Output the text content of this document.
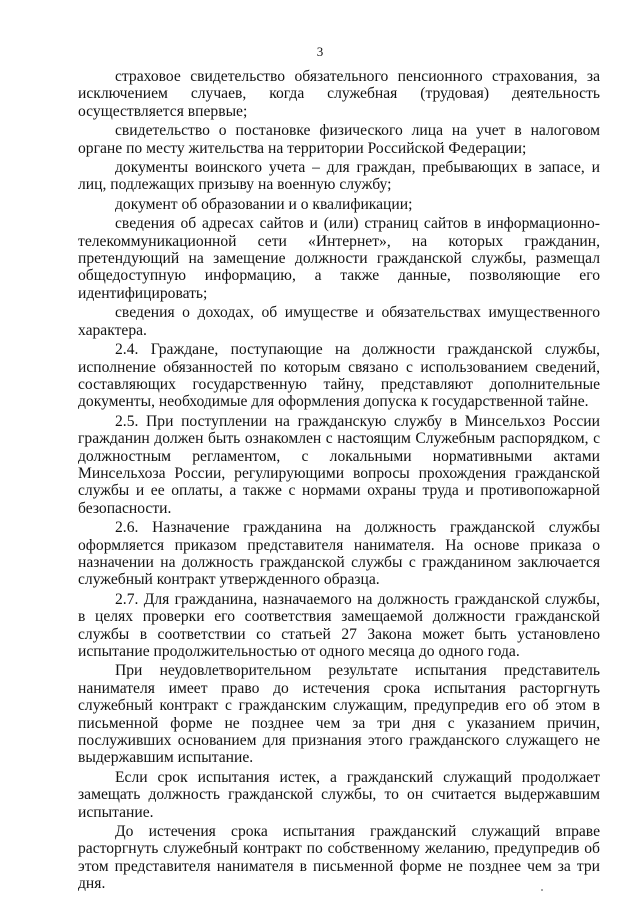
3

страховое свидетельство обязательного пенсионного страхования, за исключением случаев, когда служебная (трудовая) деятельность осуществляется впервые;

свидетельство о постановке физического лица на учет в налоговом органе по месту жительства на территории Российской Федерации;

документы воинского учета – для граждан, пребывающих в запасе, и лиц, подлежащих призыву на военную службу;

документ об образовании и о квалификации;

сведения об адресах сайтов и (или) страниц сайтов в информационно-телекоммуникационной сети «Интернет», на которых гражданин, претендующий на замещение должности гражданской службы, размещал общедоступную информацию, а также данные, позволяющие его идентифицировать;

сведения о доходах, об имуществе и обязательствах имущественного характера.

2.4. Граждане, поступающие на должности гражданской службы, исполнение обязанностей по которым связано с использованием сведений, составляющих государственную тайну, представляют дополнительные документы, необходимые для оформления допуска к государственной тайне.

2.5. При поступлении на гражданскую службу в Минсельхоз России гражданин должен быть ознакомлен с настоящим Служебным распорядком, с должностным регламентом, с локальными нормативными актами Минсельхоза России, регулирующими вопросы прохождения гражданской службы и ее оплаты, а также с нормами охраны труда и противопожарной безопасности.

2.6. Назначение гражданина на должность гражданской службы оформляется приказом представителя нанимателя. На основе приказа о назначении на должность гражданской службы с гражданином заключается служебный контракт утвержденного образца.

2.7. Для гражданина, назначаемого на должность гражданской службы, в целях проверки его соответствия замещаемой должности гражданской службы в соответствии со статьей 27 Закона может быть установлено испытание продолжительностью от одного месяца до одного года.

При неудовлетворительном результате испытания представитель нанимателя имеет право до истечения срока испытания расторгнуть служебный контракт с гражданским служащим, предупредив его об этом в письменной форме не позднее чем за три дня с указанием причин, послуживших основанием для признания этого гражданского служащего не выдержавшим испытание.

Если срок испытания истек, а гражданский служащий продолжает замещать должность гражданской службы, то он считается выдержавшим испытание.

До истечения срока испытания гражданский служащий вправе расторгнуть служебный контракт по собственному желанию, предупредив об этом представителя нанимателя в письменной форме не позднее чем за три дня.
